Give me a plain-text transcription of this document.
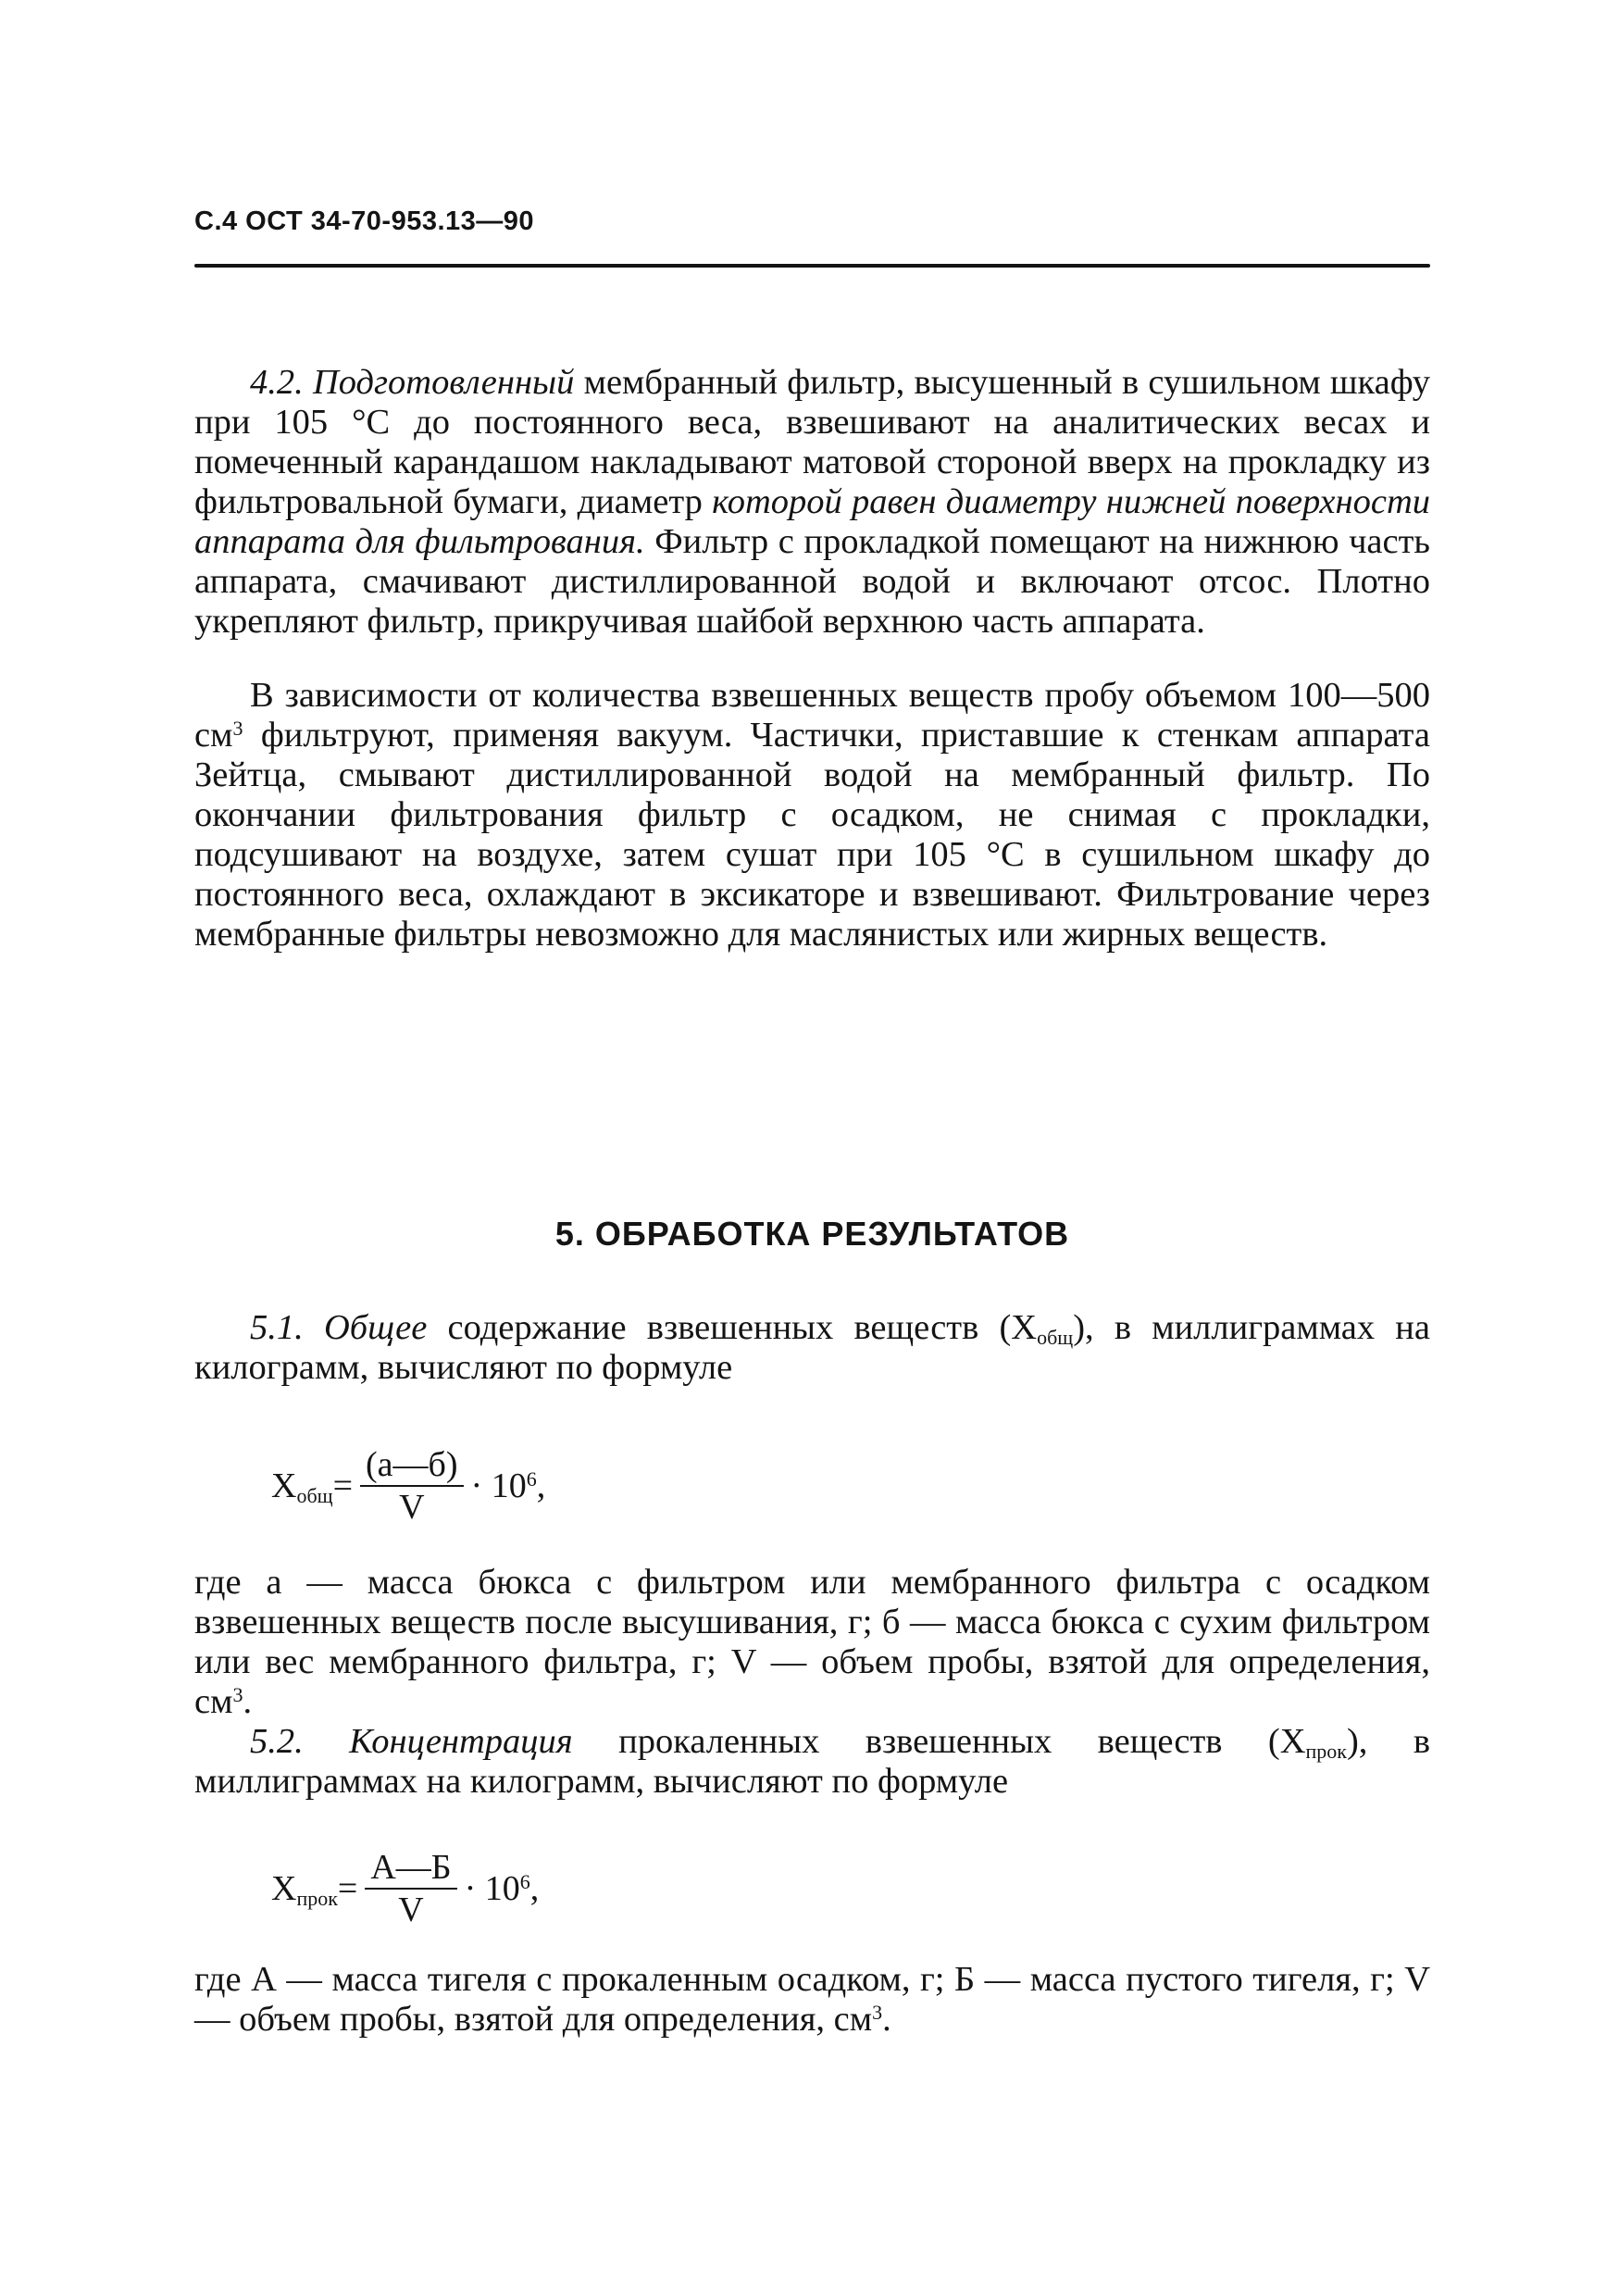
С.4 ОСТ 34-70-953.13—90

4.2. Подготовленный мембранный фильтр, высушенный в сушильном шкафу при 105 °С до постоянного веса, взвешивают на аналитических весах и помеченный карандашом накладывают матовой стороной вверх на прокладку из фильтровальной бумаги, диаметр которой равен диаметру нижней поверхности аппарата для фильтрования. Фильтр с прокладкой помещают на нижнюю часть аппарата, смачивают дистиллированной водой и включают отсос. Плотно укрепляют фильтр, прикручивая шайбой верхнюю часть аппарата.

В зависимости от количества взвешенных веществ пробу объемом 100—500 $см^3$ фильтруют, применяя вакуум. Частички, приставшие к стенкам аппарата Зейтца, смывают дистиллированной водой на мембранный фильтр. По окончании фильтрования фильтр с осадком, не снимая с прокладки, подсушивают на воздухе, затем сушат при 105 °С в сушильном шкафу до постоянного веса, охлаждают в эксикаторе и взвешивают. Фильтрование через мембранные фильтры невозможно для маслянистых или жирных веществ.

5. ОБРАБОТКА РЕЗУЛЬТАТОВ

5.1. Общее содержание взвешенных веществ $(Х_{общ})$, в миллиграммах на килограмм, вычисляют по формуле

$Х_{общ} = \frac{(а—б)}{V} \cdot 10^6$,

где а — масса бюкса с фильтром или мембранного фильтра с осадком взвешенных веществ после высушивания, г; б — масса бюкса с сухим фильтром или вес мембранного фильтра, г; V — объем пробы, взятой для определения, $см^3$.

5.2. Концентрация прокаленных взвешенных веществ $(Х_{прок})$, в миллиграммах на килограмм, вычисляют по формуле

$Х_{прок} = \frac{А—Б}{V} \cdot 10^6$,

где А — масса тигеля с прокаленным осадком, г; Б — масса пустого тигеля, г; V — объем пробы, взятой для определения, $см^3$.
